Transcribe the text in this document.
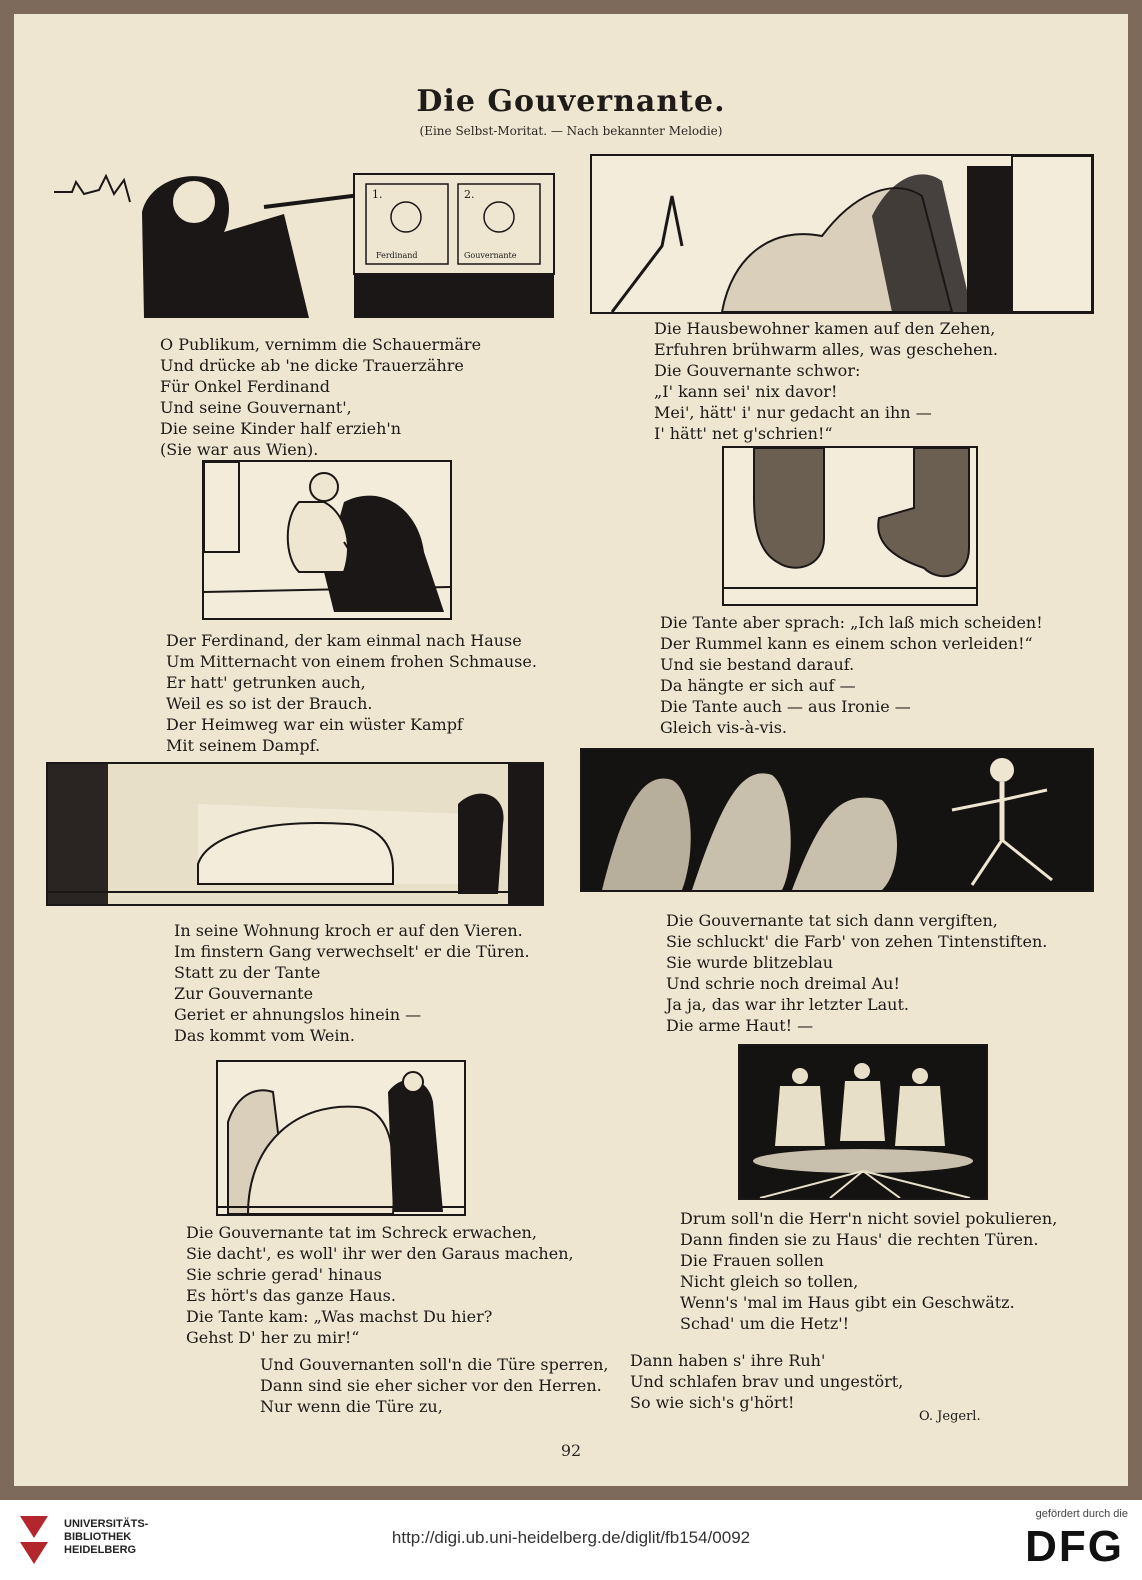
Die Gouvernante.
(Eine Selbst-Moritat. — Nach bekannter Melodie)
1.	2.
Ferdinand	Gouvernante
O Publikum, vernimm die Schauermäre
Und drücke ab 'ne dicke Trauerzähre
Für Onkel Ferdinand
Und seine Gouvernant',
Die seine Kinder half erzieh'n
(Sie war aus Wien).
Die Hausbewohner kamen auf den Zehen,
Erfuhren brühwarm alles, was geschehen.
Die Gouvernante schwor:
„I' kann sei' nix davor!
Mei', hätt' i' nur gedacht an ihn —
I' hätt' net g'schrien!“
Der Ferdinand, der kam einmal nach Hause
Um Mitternacht von einem frohen Schmause.
Er hatt' getrunken auch,
Weil es so ist der Brauch.
Der Heimweg war ein wüster Kampf
Mit seinem Dampf.
Die Tante aber sprach: „Ich laß mich scheiden!
Der Rummel kann es einem schon verleiden!“
Und sie bestand darauf.
Da hängte er sich auf —
Die Tante auch — aus Ironie —
Gleich vis-à-vis.
In seine Wohnung kroch er auf den Vieren.
Im finstern Gang verwechselt' er die Türen.
Statt zu der Tante
Zur Gouvernante
Geriet er ahnungslos hinein —
Das kommt vom Wein.
Die Gouvernante tat sich dann vergiften,
Sie schluckt' die Farb' von zehen Tintenstiften.
Sie wurde blitzeblau
Und schrie noch dreimal Au!
Ja ja, das war ihr letzter Laut.
Die arme Haut! —
Die Gouvernante tat im Schreck erwachen,
Sie dacht', es woll' ihr wer den Garaus machen,
Sie schrie gerad' hinaus
Es hört's das ganze Haus.
Die Tante kam: „Was machst Du hier?
Gehst D' her zu mir!“
Drum soll'n die Herr'n nicht soviel pokulieren,
Dann finden sie zu Haus' die rechten Türen.
Die Frauen sollen
Nicht gleich so tollen,
Wenn's 'mal im Haus gibt ein Geschwätz.
Schad' um die Hetz'!
Und Gouvernanten soll'n die Türe sperren,
Dann sind sie eher sicher vor den Herren.
Nur wenn die Türe zu,
Dann haben s' ihre Ruh'
Und schlafen brav und ungestört,
So wie sich's g'hört!
O. Jegerl.
92
UNIVERSITÄTS-
BIBLIOTHEK
HEIDELBERG
http://digi.ub.uni-heidelberg.de/diglit/fb154/0092
gefördert durch die
DFG
